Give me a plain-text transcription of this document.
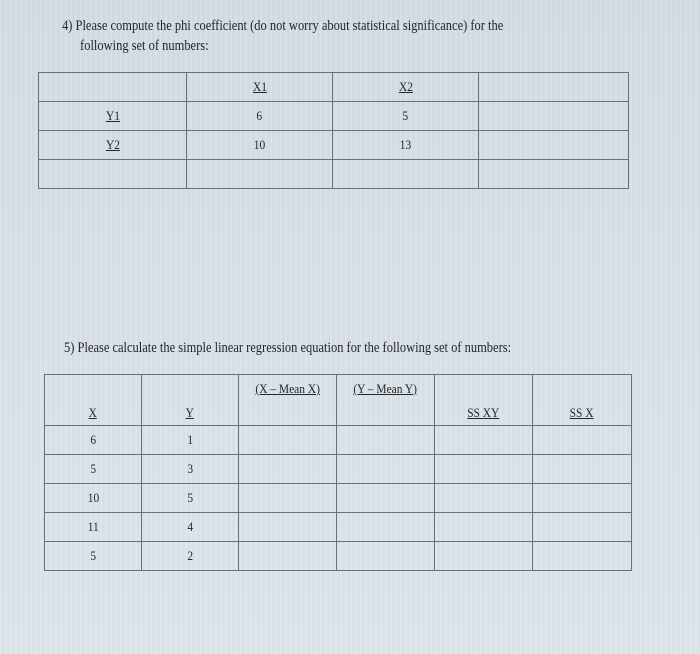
4) Please compute the phi coefficient (do not worry about statistical significance) for the
following set of numbers:
	X1	X2	
Y1	6	5	
Y2	10	13	

5) Please calculate the simple linear regression equation for the following set of numbers:
X	Y	(X – Mean X)	(Y – Mean Y)	SS XY	SS X
6	1				
5	3				
10	5				
11	4				
5	2				
